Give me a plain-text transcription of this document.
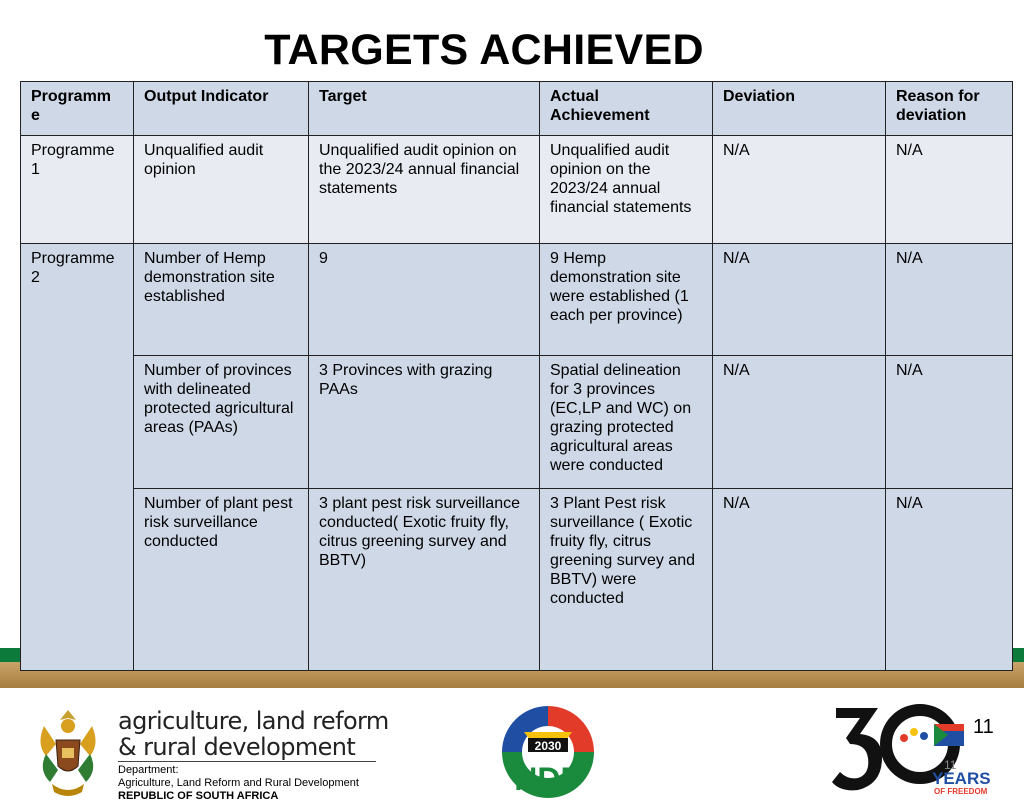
TARGETS ACHIEVED
Programm e	Output Indicator	Target	Actual Achievement	Deviation	Reason for deviation
Programme 1	Unqualified audit opinion	Unqualified audit opinion on the 2023/24 annual financial statements	Unqualified audit opinion on the 2023/24 annual financial statements	N/A	N/A
Programme 2	Number of Hemp demonstration site established	9	9 Hemp demonstration site were established (1 each per province)	N/A	N/A
	Number of provinces with delineated protected agricultural areas (PAAs)	3 Provinces with grazing PAAs	Spatial delineation for 3 provinces (EC,LP and WC) on grazing protected agricultural areas were conducted	N/A	N/A
	Number of plant pest risk surveillance conducted	3 plant pest risk surveillance conducted( Exotic fruity fly, citrus greening survey and BBTV)	3 Plant Pest risk surveillance ( Exotic fruity fly, citrus greening survey and BBTV) were conducted	N/A	N/A
agriculture, land reform
& rural development
Department:
Agriculture, Land Reform and Rural Development
REPUBLIC OF SOUTH AFRICA
2030
NDP	YEARS
OF FREEDOM
11
11
